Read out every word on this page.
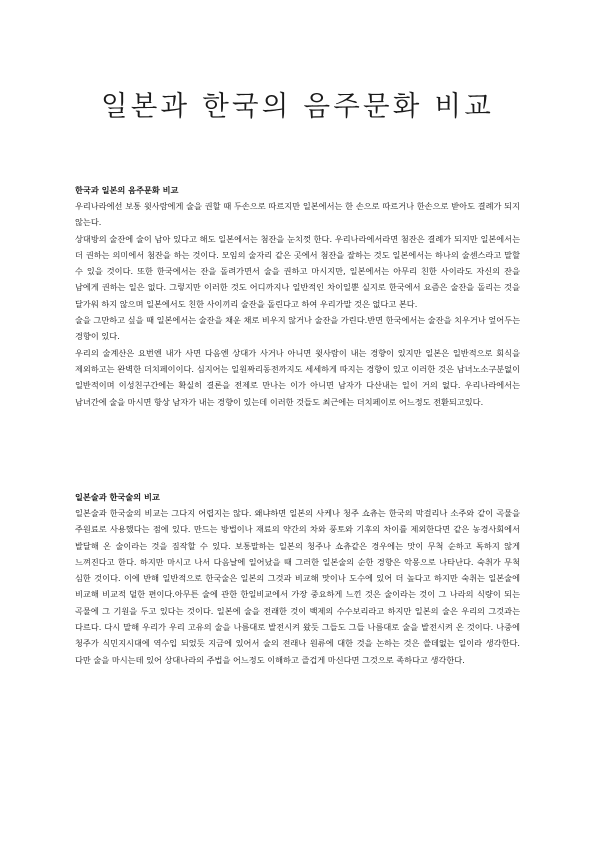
일본과 한국의 음주문화 비교

한국과 일본의 음주문화 비교

우리나라에선 보통 윗사람에게 술을 권할 때 두손으로 따르지만 일본에서는 한 손으로 따르거나 한손으로 받아도 결례가 되지 않는다.

상대방의 술잔에 술이 남아 있다고 해도 일본에서는 첨잔을 눈치껏 한다. 우리나라에서라면 첨잔은 결례가 되지만 일본에서는 더 권하는 의미에서 첨잔을 하는 것이다. 모임의 술자리 같은 곳에서 첨잔을 잘하는 것도 일본에서는 하나의 술센스라고 말할 수 있을 것이다. 또한 한국에서는 잔을 돌려가면서 술을 권하고 마시지만, 일본에서는 아무리 친한 사이라도 자신의 잔을 남에게 권하는 일은 없다. 그렇지만 이러한 것도 어디까지나 일반적인 차이일뿐 실지로 한국에서 요즘은 술잔을 돌리는 것을 달가워 하지 않으며 일본에서도 친한 사이끼리 술잔을 돌린다고 하여 우리가말 것은 없다고 본다.

술을 그만하고 싶을 때 일본에서는 술잔을 채운 채로 비우지 않거나 술잔을 가린다.반면 한국에서는 술잔을 치우거나 엎어두는 경향이 있다.

우리의 술계산은 요번엔 내가 사면 다음엔 상대가 사거나 아니면 윗사람이 내는 경향이 있지만 일본은 일반적으로 회식을 제외하고는 완벽한 더치페이이다. 심지어는 일원짜리동전까지도 세세하게 따지는 경향이 있고 이러한 것은 남녀노소구분없이 일반적이며 이성친구간에는 확실히 결론을 전제로 만나는 이가 아니면 남자가 다산내는 일이 거의 없다. 우리나라에서는 남녀간에 술을 마시면 항상 남자가 내는 경향이 있는데 이러한 것들도 최근에는 더치페이로 어느정도 전환되고있다.

일본술과 한국술의 비교

일본술과 한국술의 비교는 그다지 어렵지는 않다. 왜냐하면 일본의 사케나 청주 쇼츄는 한국의 막걸리나 소주와 같이 곡물을 주원료로 사용했다는 점에 있다. 만드는 방법이나 재료의 약간의 차와 풍토와 기후의 차이를 제외한다면 같은 농경사회에서 발달해 온 술이라는 것을 짐작할 수 있다. 보통말하는 일본의 청주나 쇼츄같은 경우에는 맛이 무척 순하고 독하지 않게 느껴진다고 한다. 하지만 마시고 나서 다음날에 일어났을 때 그러한 일본술의 순한 경향은 악몽으로 나타난다. 숙취가 무척 심한 것이다. 이에 반해 일반적으로 한국술은 일본의 그것과 비교해 맛이나 도수에 있어 더 높다고 하지만 숙취는 일본술에 비교해 비교적 덜한 편이다.아무튼 술에 관한 한일비교에서 가장 중요하게 느낀 것은 술이라는 것이 그 나라의 식량이 되는 곡물에 그 기원을 두고 있다는 것이다. 일본에 술을 전래한 것이 백제의 수수보리라고 하지만 일본의 술은 우리의 그것과는 다르다. 다시 말해 우리가 우리 고유의 술을 나름대로 발전시켜 왔듯 그들도 그들 나름대로 술을 발전시켜 온 것이다. 나중에 청주가 식민지시대에 역수입 되었듯 지금에 있어서 술의 전래나 원류에 대한 것을 논하는 것은 쓸데없는 일이라 생각한다. 다만 술을 마시는데 있어 상대나라의 주법을 어느정도 이해하고 즐겁게 마신다면 그것으로 족하다고 생각한다.
